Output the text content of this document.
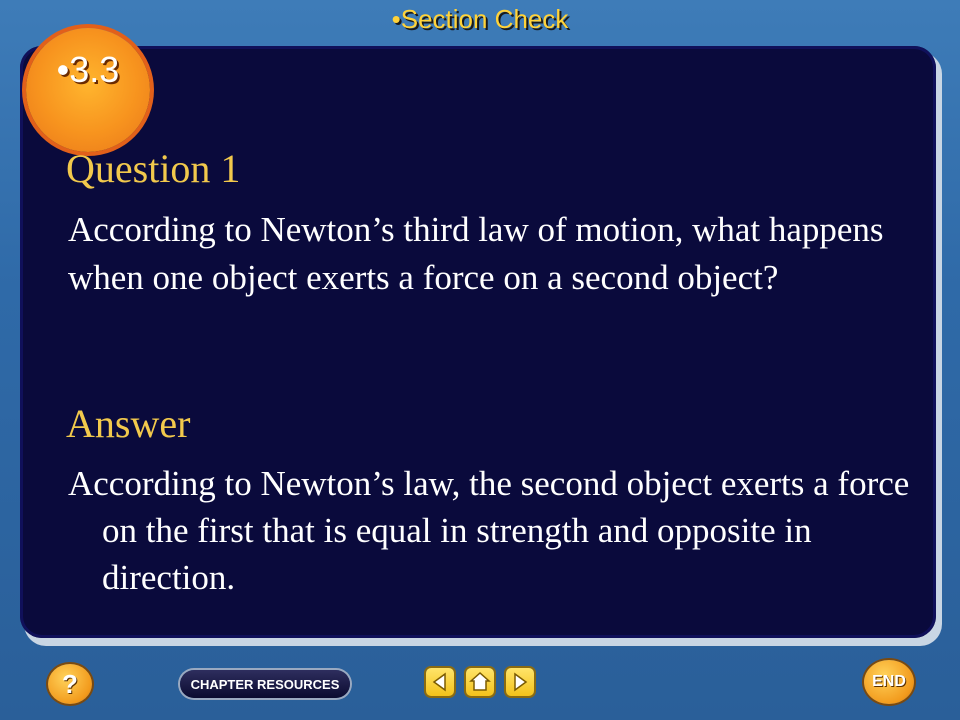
•Section Check
•3.3
Question 1
According to Newton’s third law of motion, what happens when one object exerts a force on a second object?
Answer
According to Newton’s law, the second object exerts a force on the first that is equal in strength and opposite in direction.
?	CHAPTER RESOURCES	END
